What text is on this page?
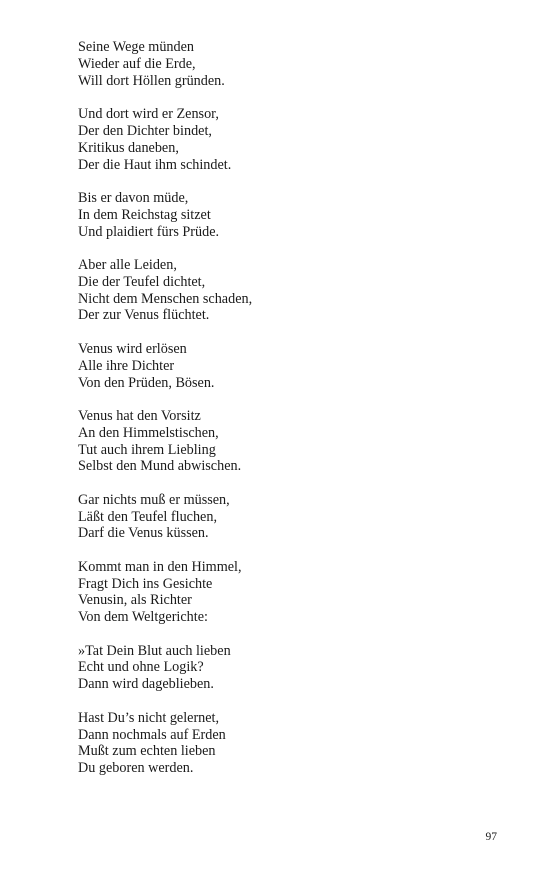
Seine Wege münden
Wieder auf die Erde,
Will dort Höllen gründen.
Und dort wird er Zensor,
Der den Dichter bindet,
Kritikus daneben,
Der die Haut ihm schindet.
Bis er davon müde,
In dem Reichstag sitzet
Und plaidiert fürs Prüde.
Aber alle Leiden,
Die der Teufel dichtet,
Nicht dem Menschen schaden,
Der zur Venus flüchtet.
Venus wird erlösen
Alle ihre Dichter
Von den Prüden, Bösen.
Venus hat den Vorsitz
An den Himmelstischen,
Tut auch ihrem Liebling
Selbst den Mund abwischen.
Gar nichts muß er müssen,
Läßt den Teufel fluchen,
Darf die Venus küssen.
Kommt man in den Himmel,
Fragt Dich ins Gesichte
Venusin, als Richter
Von dem Weltgerichte:
»Tat Dein Blut auch lieben
Echt und ohne Logik?
Dann wird dageblieben.
Hast Du’s nicht gelernet,
Dann nochmals auf Erden
Mußt zum echten lieben
Du geboren werden.
97
